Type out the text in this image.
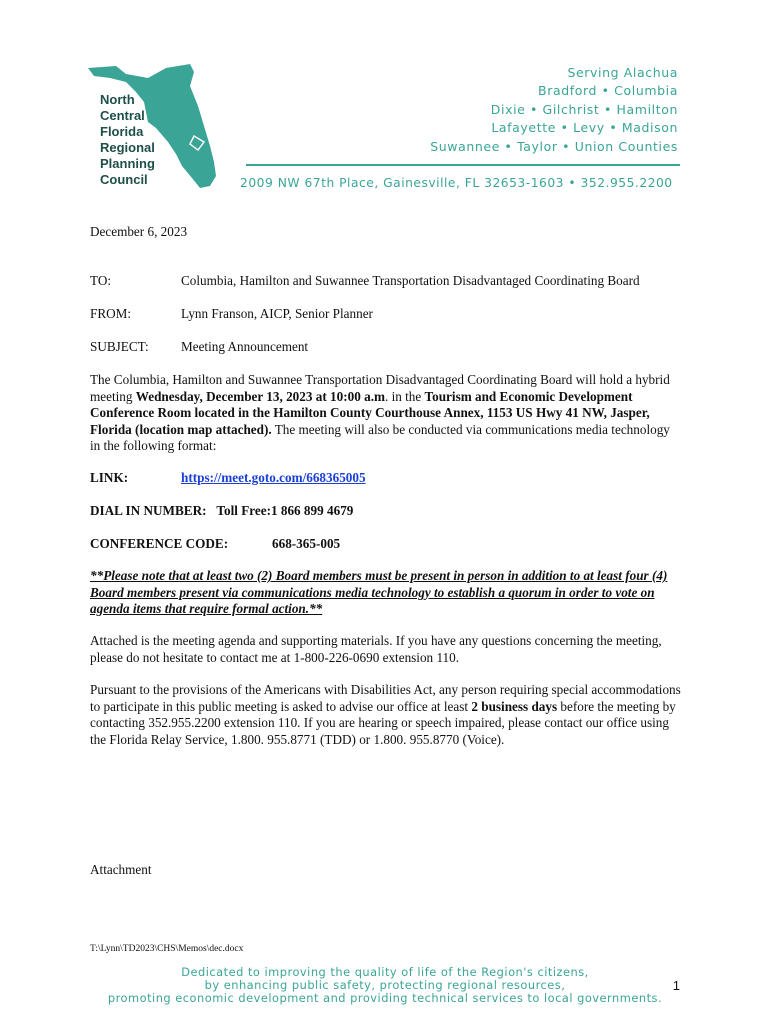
North
Central
Florida
Regional
Planning
Council
Serving Alachua
Bradford • Columbia
Dixie • Gilchrist • Hamilton
Lafayette • Levy • Madison
Suwannee • Taylor • Union Counties
2009 NW 67th Place, Gainesville, FL 32653-1603 • 352.955.2200
December 6, 2023
TO:	Columbia, Hamilton and Suwannee Transportation Disadvantaged Coordinating Board
FROM:	Lynn Franson, AICP, Senior Planner
SUBJECT: Meeting Announcement
The Columbia, Hamilton and Suwannee Transportation Disadvantaged Coordinating Board will hold a hybrid meeting Wednesday, December 13, 2023 at 10:00 a.m. in the Tourism and Economic Development Conference Room located in the Hamilton County Courthouse Annex, 1153 US Hwy 41 NW, Jasper, Florida (location map attached). The meeting will also be conducted via communications media technology in the following format:
LINK:	https://meet.goto.com/668365005
DIAL IN NUMBER: Toll Free:1 866 899 4679
CONFERENCE CODE:	668-365-005
**Please note that at least two (2) Board members must be present in person in addition to at least four (4) Board members present via communications media technology to establish a quorum in order to vote on agenda items that require formal action.**
Attached is the meeting agenda and supporting materials. If you have any questions concerning the meeting, please do not hesitate to contact me at 1-800-226-0690 extension 110.
Pursuant to the provisions of the Americans with Disabilities Act, any person requiring special accommodations to participate in this public meeting is asked to advise our office at least 2 business days before the meeting by contacting 352.955.2200 extension 110. If you are hearing or speech impaired, please contact our office using the Florida Relay Service, 1.800. 955.8771 (TDD) or 1.800. 955.8770 (Voice).
Attachment
T:\Lynn\TD2023\CHS\Memos\dec.docx
Dedicated to improving the quality of life of the Region's citizens,
by enhancing public safety, protecting regional resources,
promoting economic development and providing technical services to local governments.
1
